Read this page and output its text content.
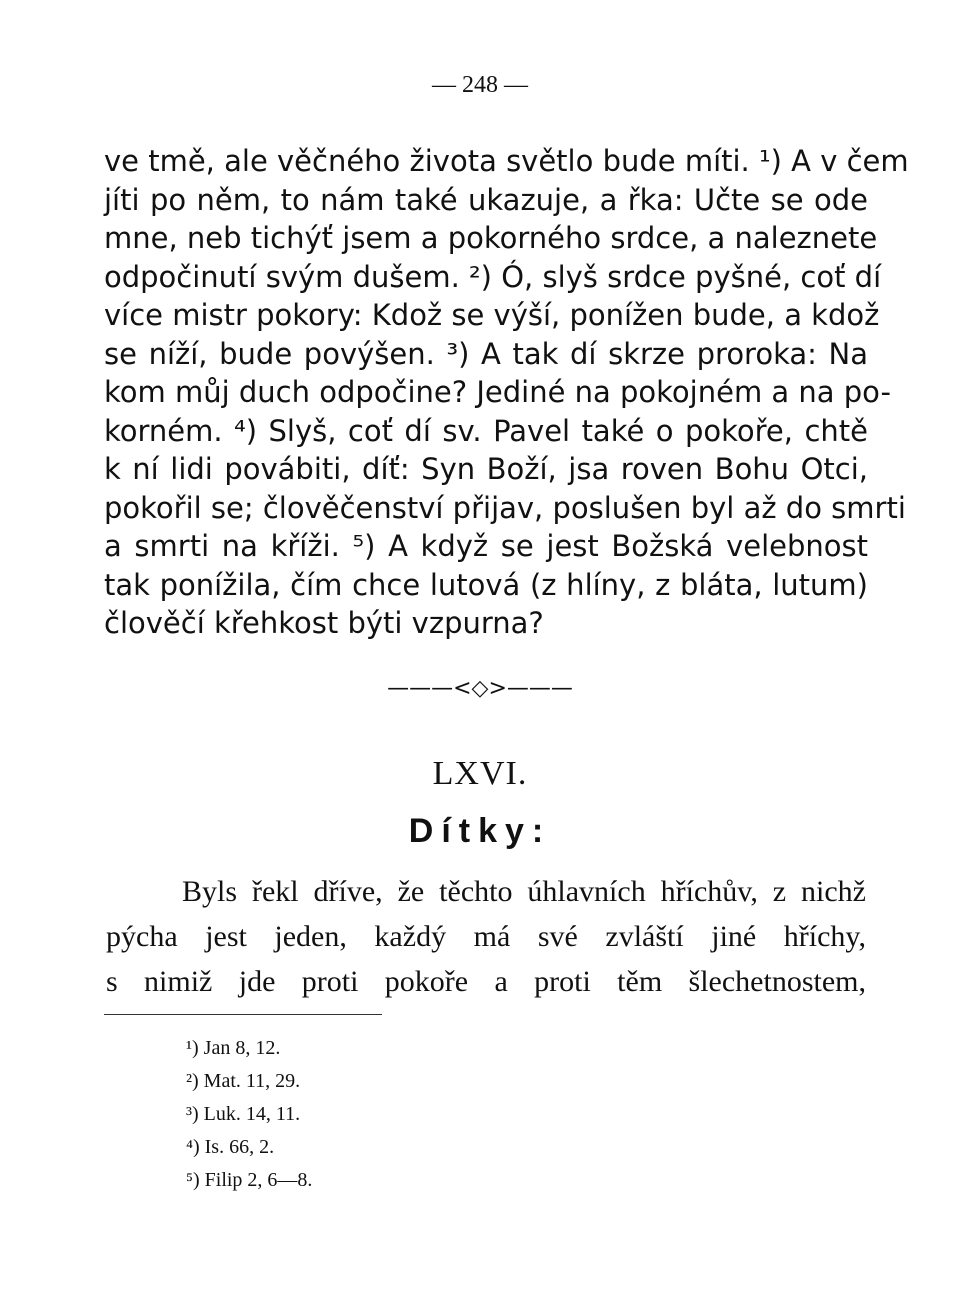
— 248 —
ve tmě, ale věčného života světlo bude míti. ¹) A v čem
jíti po něm, to nám také ukazuje, a řka: Učte se ode
mne, neb tichýť jsem a pokorného srdce, a naleznete
odpočinutí svým dušem. ²) Ó, slyš srdce pyšné, coť dí
více mistr pokory: Kdož se výší, ponížen bude, a kdož
se níží, bude povýšen. ³) A tak dí skrze proroka: Na
kom můj duch odpočine? Jediné na pokojném a na po-
korném. ⁴) Slyš, coť dí sv. Pavel také o pokoře, chtě
k ní lidi povábiti, díť: Syn Boží, jsa roven Bohu Otci,
pokořil se; člověčenství přijav, poslušen byl až do smrti
a smrti na kříži. ⁵) A když se jest Božská velebnost
tak ponížila, čím chce lutová (z hlíny, z bláta, lutum)
člověčí křehkost býti vzpurna?
———<◇>———
LXVI.
Dítky:
Byls řekl dříve, že těchto úhlavních hříchův, z nichž
pýcha jest jeden, každý má své zvláští jiné hříchy,
s nimiž jde proti pokoře a proti těm šlechetnostem,
¹) Jan 8, 12.
²) Mat. 11, 29.
³) Luk. 14, 11.
⁴) Is. 66, 2.
⁵) Filip 2, 6—8.
